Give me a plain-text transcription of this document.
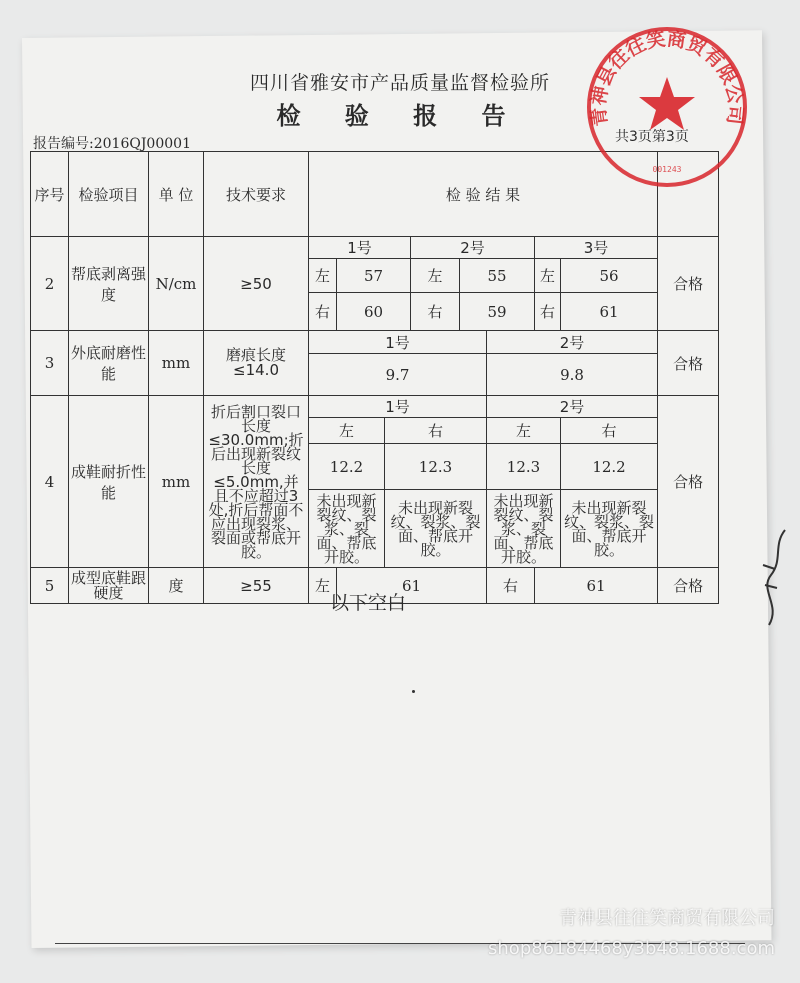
四川省雅安市产品质量监督检验所
检 验 报 告
报告编号:2016QJ00001	共3页第3页
序号	检验项目	单 位	技术要求	检 验 结 果		
2	帮底剥离强度	N/cm	≥50	1号			2号			3号		合格	
				左	57		左	55		左	56		
				右	60		右	59		右	61		
3	外底耐磨性能	mm	磨痕长度≤14.0	1号					2号			合格	
				9.7					9.8				
4	成鞋耐折性能	mm	折后割口裂口长度≤30.0mm;折后出现新裂纹长度≤5.0mm,并且不应超过3处,折后帮面不应出现裂浆、裂面或帮底开胶。	1号					2号			合格	
				左		右			左		右		
				12.2		12.3			12.3		12.2		
				未出现新裂纹、裂浆、裂面、帮底开胶。		未出现新裂纹、裂浆、裂面、帮底开胶。			未出现新裂纹、裂浆、裂面、帮底开胶。		未出现新裂纹、裂浆、裂面、帮底开胶。		
5	成型底鞋跟硬度	度	≥55	左	61				右	61		合格	
以下空白
青神县往往笑商贸有限公司
001243
青神县往往笑商贸有限公司
shop86184468y3b48.1688.com
